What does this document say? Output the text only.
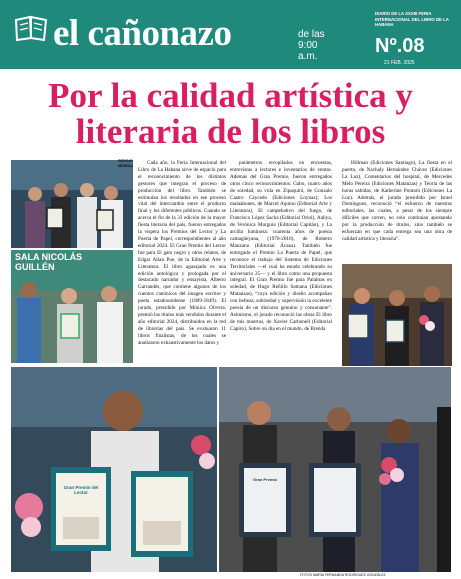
el cañonazo	de las 9:00 a.m.
DIARIO DE LA XXXIII FERIA INTERNACIONAL DEL LIBRO DE LA HABANA
Nº.08
21 FEB. 2025
Por la calidad artística y literaria de los libros
SALA NICOLÁS GUILLÉN
Gran Premio del Lector
Gran Premio
SERGIO MERIDA	Cada año, la Feria Internacional del Libro de La Habana sirve de espacio para el reconocimiento de los distintos gestores que integran el proceso de producción del libro. También se estimulan los resultados en ese proceso vital del intercambio entre el producto final y los diferentes públicos. Cuando se acerca el fin de la 33 edición de la mayor fiesta literaria del país, fueron entregados la víspera los Premios del Lector y La Puerta de Papel, correspondientes al año editorial 2024. El Gran Premio del Lector fue para El gato negro y otros relatos, de Edgar Allan Poe, de la Editorial Arte y Literatura. El libro agasajado es una edición antológica y prologada por el destacado narrador y ensayista, Alberto Garrandés, que contiene algunos de los cuentos canónicos del imagen escritor y poeta estadounidense (1809-1849). El jurado, presidido por Mónica Olivera, premió los títulos más vendidos durante el año editorial 2024, distribuidos en la red de librerías del país. Se evaluaron 11 libros finalistas, de los cuales se analizaron exhaustivamente los datos y

parámetros recopilados en encuestas, entrevistas a lectores e inventarios de ventas. Además del Gran Premio, fueron entregados otros cinco reconocimientos: Gabo, cuatro años de soledad, su vida en Zipaquirá, de Gonzalo Castro Caycedo (Ediciones Loynaz); Los malaabones, de Marcel Aquino (Editorial Arte y Literatura), El campebativo del fuego, de Francisco López Sacha (Editorial Oriol), Aaliya, de Verónica Murguía (Editorial Capitán), y La arcilla luminosa: cuarenta años de poesía camagüeyana, (1970-2010), de Roberto Manzano (Editorial Ácana). También fue entregado el Premio La Puerta de Papel, que reconoce el trabajo del Sistema de Ediciones Territoriales —el cual ha estado celebrando su aniversario 25— y el libro como una propuesta integral. El Gran Premio fue para Palabras en soledad, de Hugo Reñillo Samana (Ediciones Matanzas), “cuya edición y diseño acompañan con belleza, sobriedad y supervisión la excelente poesía de un discurso genuino y consonante”. Asimismo, el jurado reconoció las obras El libro de mis muertos, de Xavier Carbonell (Editorial Capiro), Sobre un día en el mundo, de Brenda

Hillman (Ediciones Santiago), La fiesta en el puerto, de Nachaly Hernández Chávez (Ediciones La Luz), Comentarios del hospital, de Mercedes Melo Pereira (Ediciones Matanzas) y Teoría de las horas sabidas, de Katherine Pontarú (Ediciones La Luz). Además, el jurado presidido por Israel Domínguez, reconoció “el esfuerzo de nuestras editoriales, las cuales, a pesar de los siempre difíciles que corren, no solo continúan apostando por la producción de títulos, sino también se esfuerzan en que cada entrega sea una obra de calidad artística y literaria”.

FOTOS MARÍA FERNANDA RODRÍGUEZ GONZÁLEZ
